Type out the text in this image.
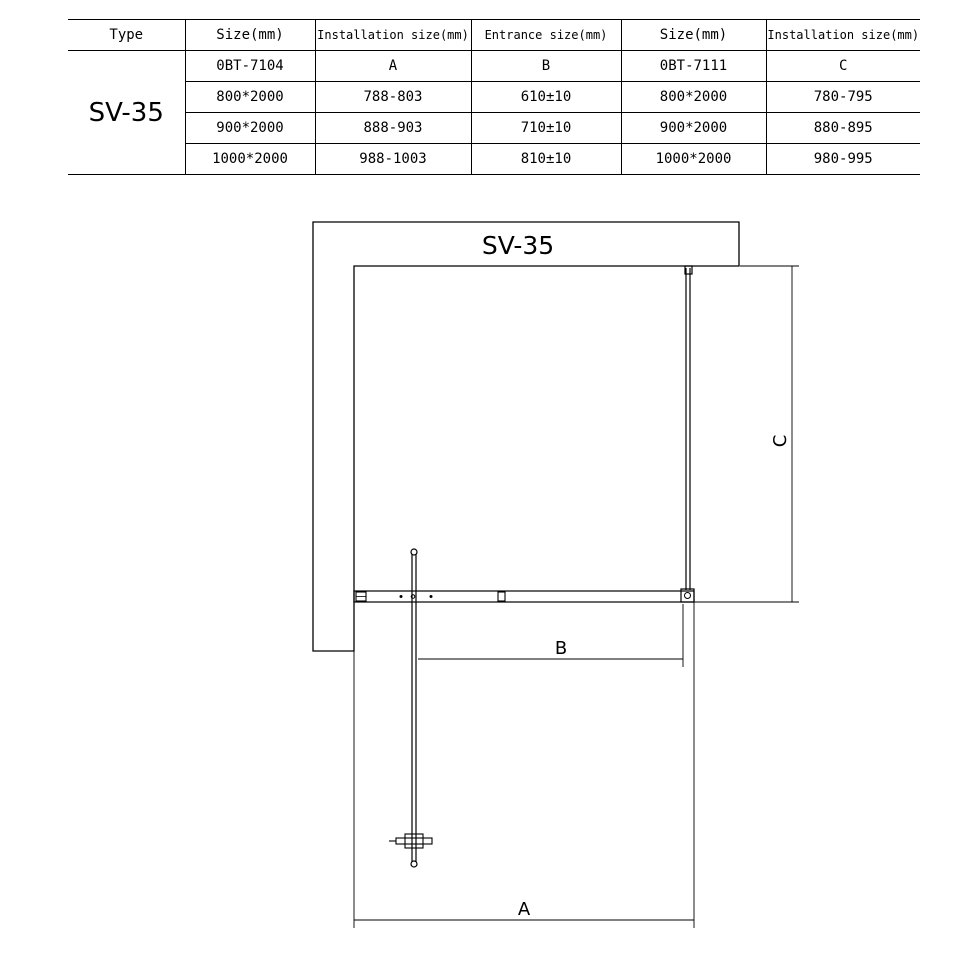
Type	Size(mm)	Installation size(mm)	Entrance size(mm)	Size(mm)	Installation size(mm)
SV-35	0BT-7104	A	B	0BT-7111	C
	800*2000	788-803	610±10	800*2000	780-795
	900*2000	888-903	710±10	900*2000	880-895
	1000*2000	988-1003	810±10	1000*2000	980-995
SV-35
C
B
A
